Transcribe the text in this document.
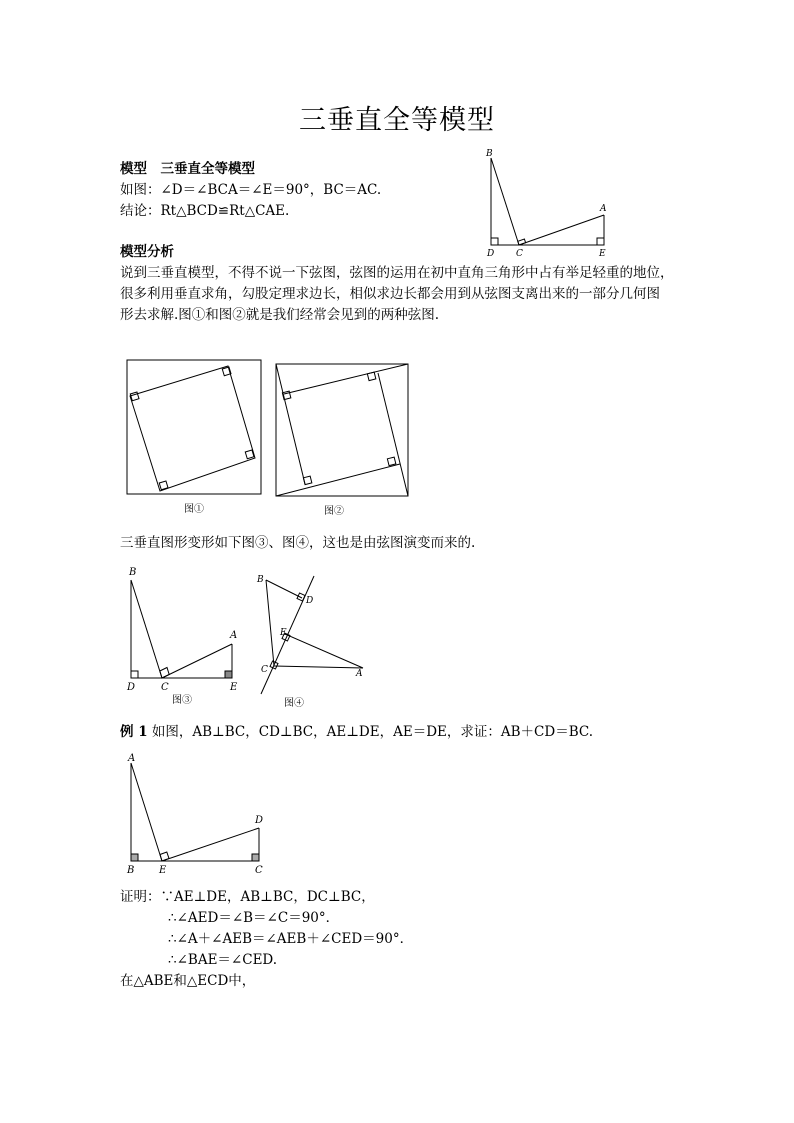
三垂直全等模型
模型　三垂直全等模型
如图：∠D＝∠BCA＝∠E＝90°，BC＝AC.
结论：Rt△BCD≌Rt△CAE.
B
A
D C	E
模型分析
说到三垂直模型，不得不说一下弦图，弦图的运用在初中直角三角形中占有举足轻重的地位，
很多利用垂直求角，勾股定理求边长，相似求边长都会用到从弦图支离出来的一部分几何图
形去求解.图①和图②就是我们经常会见到的两种弦图.
图①	图②
三垂直图形变形如下图③、图④，这也是由弦图演变而来的.
B
A
D	C	E
图③
B
D
E
C	A
图④
例 1 如图，AB⊥BC，CD⊥BC，AE⊥DE，AE＝DE，求证：AB＋CD＝BC.
A
D
B E	C
证明：∵AE⊥DE，AB⊥BC，DC⊥BC，
∴∠AED＝∠B＝∠C＝90°．
∴∠A＋∠AEB＝∠AEB＋∠CED＝90°．
∴∠BAE＝∠CED.
在△ABE和△ECD中，
